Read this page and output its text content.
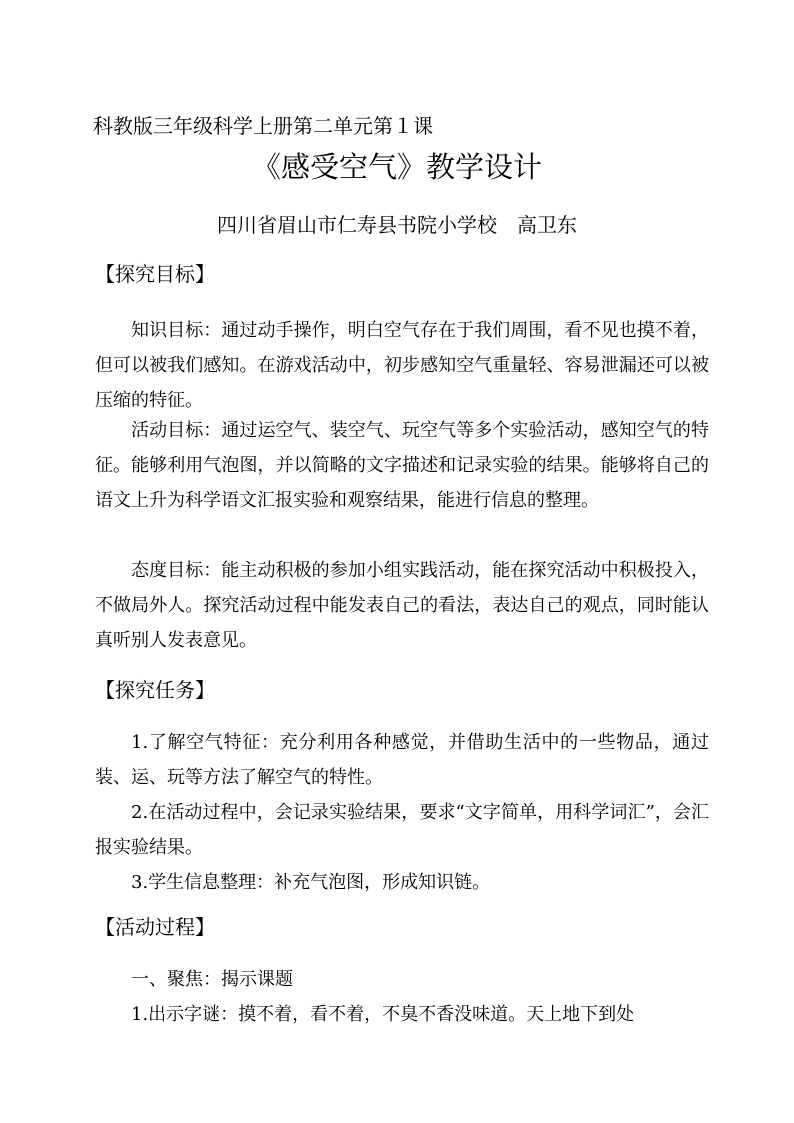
科教版三年级科学上册第二单元第１课
《感受空气》教学设计
四川省眉山市仁寿县书院小学校　高卫东
【探究目标】

知识目标：通过动手操作，明白空气存在于我们周围，看不见也摸不着，但可以被我们感知。在游戏活动中，初步感知空气重量轻、容易泄漏还可以被压缩的特征。

活动目标：通过运空气、装空气、玩空气等多个实验活动，感知空气的特征。能够利用气泡图，并以简略的文字描述和记录实验的结果。能够将自己的语文上升为科学语文汇报实验和观察结果，能进行信息的整理。

态度目标：能主动积极的参加小组实践活动，能在探究活动中积极投入，不做局外人。探究活动过程中能发表自己的看法，表达自己的观点，同时能认真听别人发表意见。

【探究任务】

1.了解空气特征：充分利用各种感觉，并借助生活中的一些物品，通过装、运、玩等方法了解空气的特性。

2.在活动过程中，会记录实验结果，要求“文字简单，用科学词汇”，会汇报实验结果。

3.学生信息整理：补充气泡图，形成知识链。

【活动过程】

一、聚焦：揭示课题

1.出示字谜：摸不着，看不着，不臭不香没味道。天上地下到处
